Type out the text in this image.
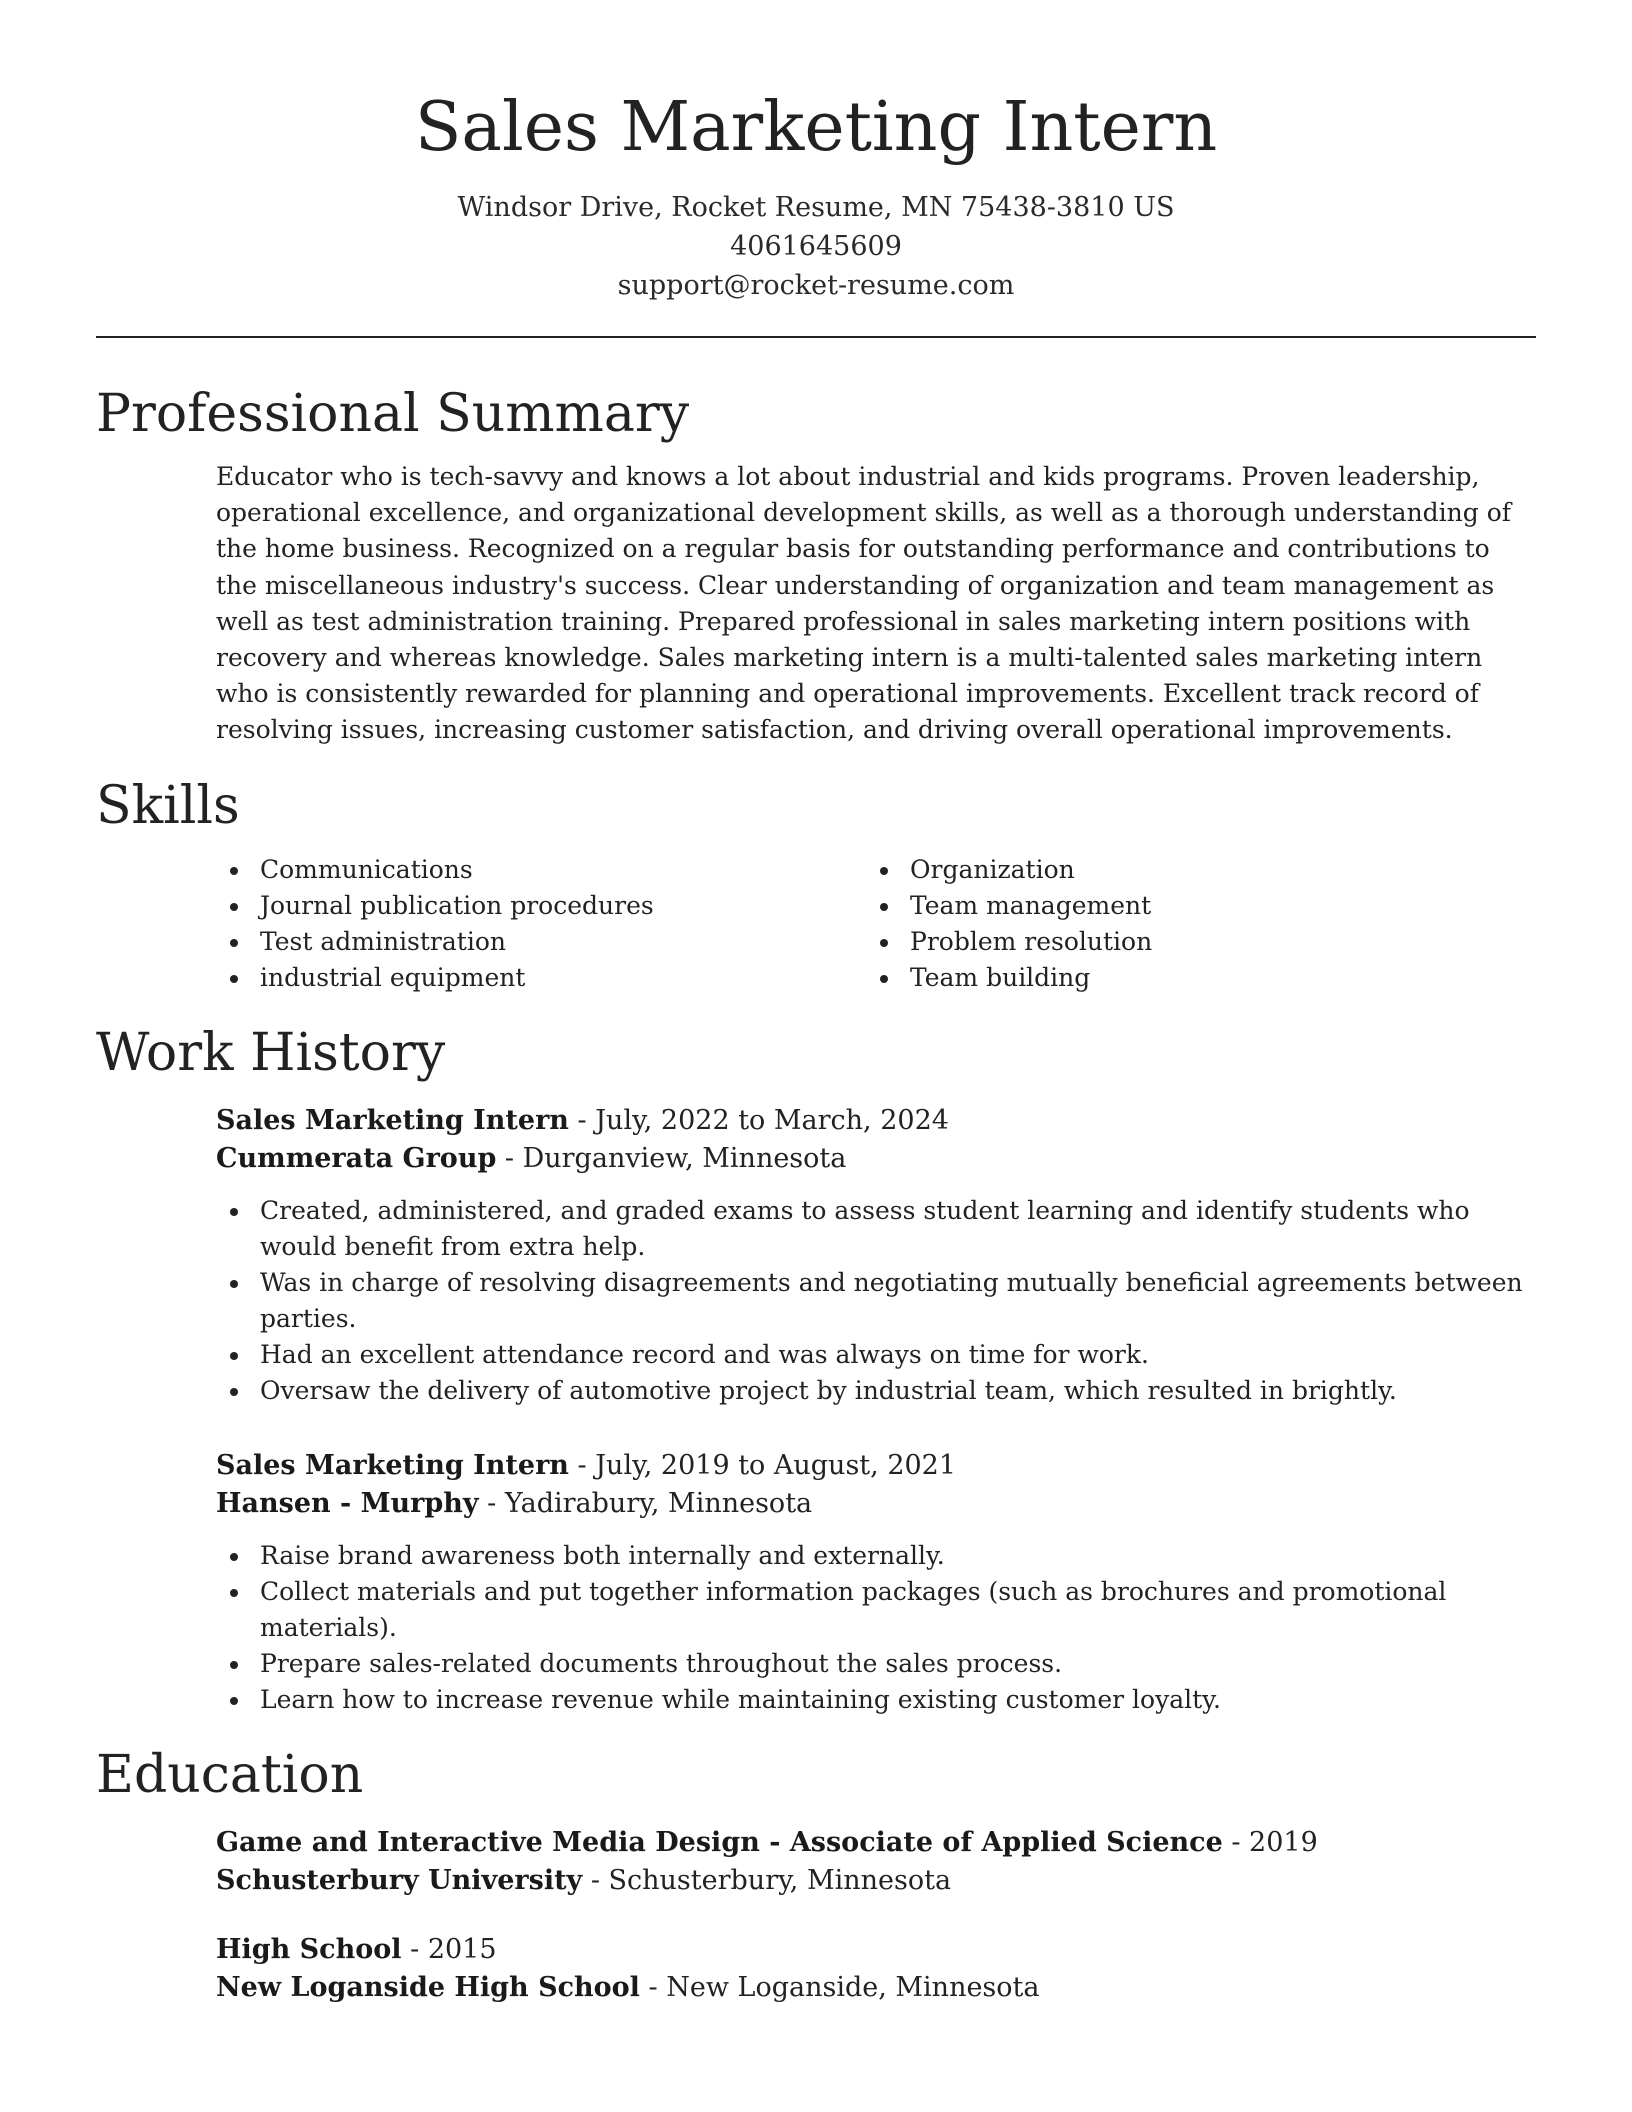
Sales Marketing Intern
Windsor Drive, Rocket Resume, MN 75438-3810 US
4061645609
support@rocket-resume.com
Professional Summary

Educator who is tech-savvy and knows a lot about industrial and kids programs. Proven leadership, operational excellence, and organizational development skills, as well as a thorough understanding of the home business. Recognized on a regular basis for outstanding performance and contributions to the miscellaneous industry's success. Clear understanding of organization and team management as well as test administration training. Prepared professional in sales marketing intern positions with recovery and whereas knowledge. Sales marketing intern is a multi-talented sales marketing intern who is consistently rewarded for planning and operational improvements. Excellent track record of resolving issues, increasing customer satisfaction, and driving overall operational improvements.

Skills
Communications
Journal publication procedures
Test administration
industrial equipment
Organization
Team management
Problem resolution
Team building
Work History
Sales Marketing Intern - July, 2022 to March, 2024
Cummerata Group - Durganview, Minnesota
Created, administered, and graded exams to assess student learning and identify students who would benefit from extra help.
Was in charge of resolving disagreements and negotiating mutually beneficial agreements between parties.
Had an excellent attendance record and was always on time for work.
Oversaw the delivery of automotive project by industrial team, which resulted in brightly.
Sales Marketing Intern - July, 2019 to August, 2021
Hansen - Murphy - Yadirabury, Minnesota
Raise brand awareness both internally and externally.
Collect materials and put together information packages (such as brochures and promotional materials).
Prepare sales-related documents throughout the sales process.
Learn how to increase revenue while maintaining existing customer loyalty.
Education
Game and Interactive Media Design - Associate of Applied Science - 2019
Schusterbury University - Schusterbury, Minnesota
High School - 2015
New Loganside High School - New Loganside, Minnesota
